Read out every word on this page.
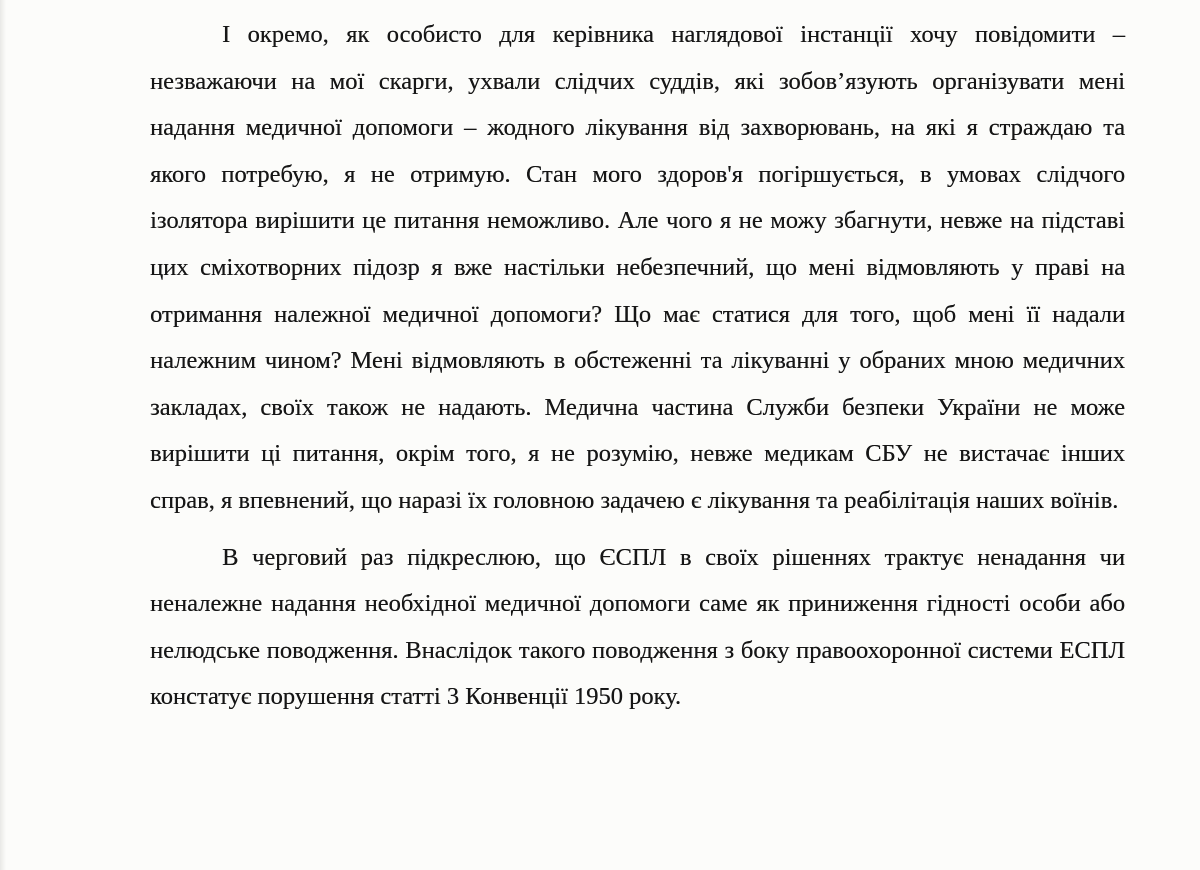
І окремо, як особисто для керівника наглядової інстанції хочу повідомити – незважаючи на мої скарги, ухвали слідчих суддів, які зобов’язують організувати мені надання медичної допомоги – жодного лікування від захворювань, на які я страждаю та якого потребую, я не отримую. Стан мого здоров'я погіршується, в умовах слідчого ізолятора вирішити це питання неможливо. Але чого я не можу збагнути, невже на підставі цих сміхотворних підозр я вже настільки небезпечний, що мені відмовляють у праві на отримання належної медичної допомоги? Що має статися для того, щоб мені її надали належним чином? Мені відмовляють в обстеженні та лікуванні у обраних мною медичних закладах, своїх також не надають. Медична частина Служби безпеки України не може вирішити ці питання, окрім того, я не розумію, невже медикам СБУ не вистачає інших справ, я впевнений, що наразі їх головною задачею є лікування та реабілітація наших воїнів.

В черговий раз підкреслюю, що ЄСПЛ в своїх рішеннях трактує ненадання чи неналежне надання необхідної медичної допомоги саме як приниження гідності особи або нелюдське поводження. Внаслідок такого поводження з боку правоохоронної системи ЕСПЛ констатує порушення статті 3 Конвенції 1950 року.
